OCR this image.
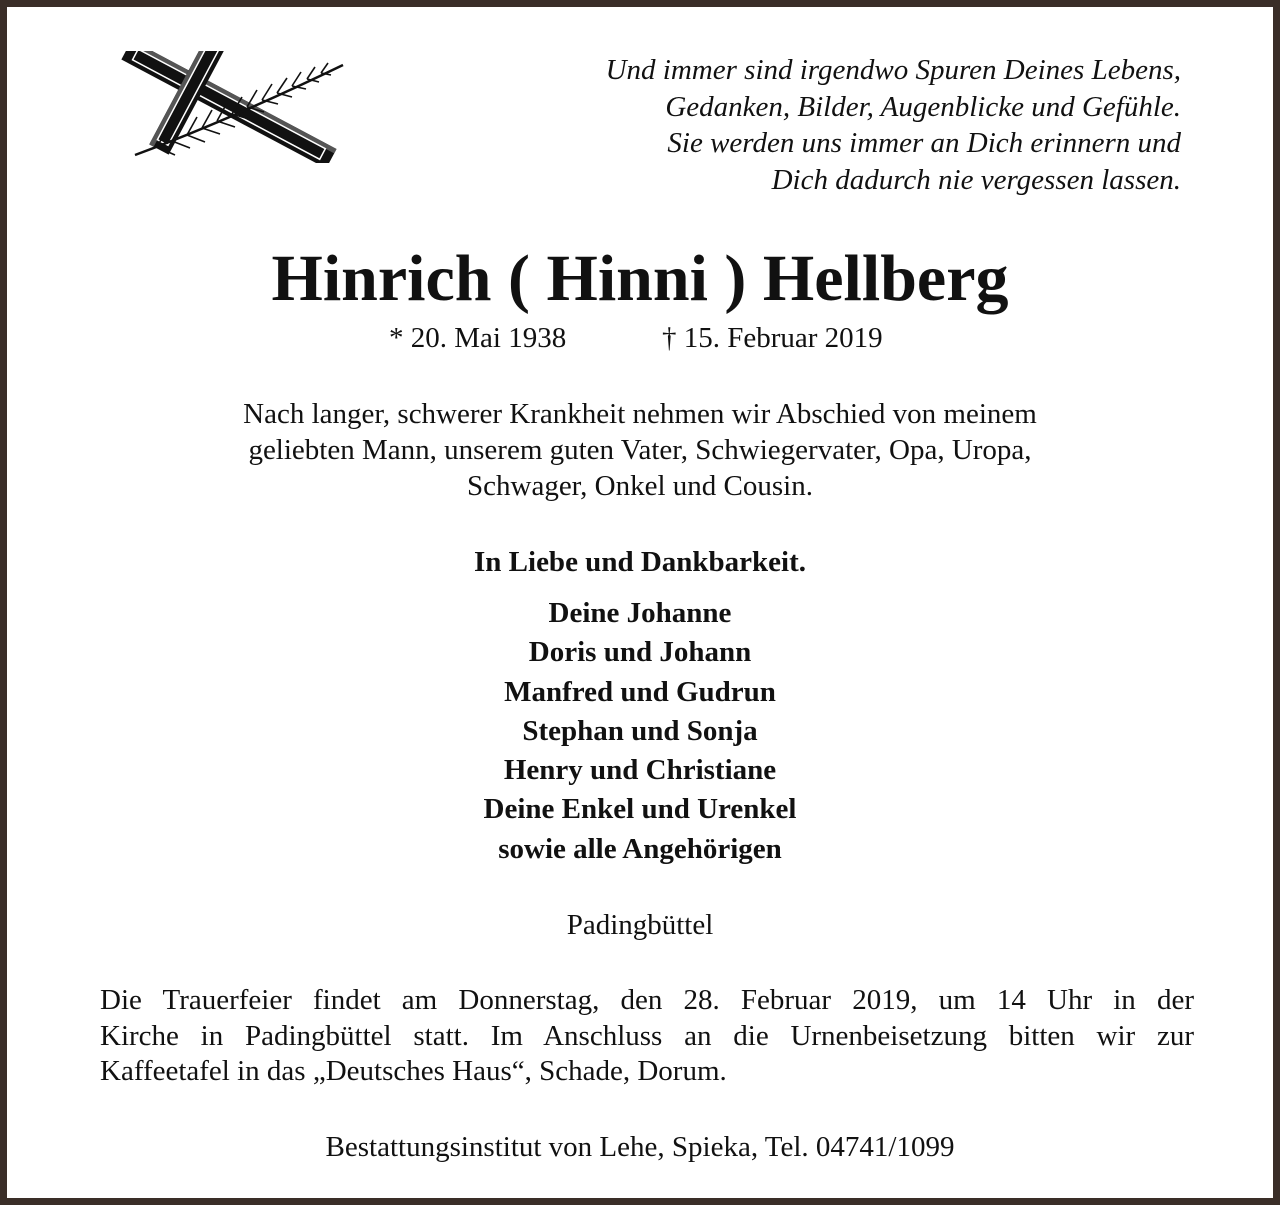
Und immer sind irgendwo Spuren Deines Lebens,
Gedanken, Bilder, Augenblicke und Gefühle.
Sie werden uns immer an Dich erinnern und
Dich dadurch nie vergessen lassen.
Hinrich ( Hinni ) Hellberg
* 20. Mai 1938	† 15. Februar 2019
Nach langer, schwerer Krankheit nehmen wir Abschied von meinem
geliebten Mann, unserem guten Vater, Schwiegervater, Opa, Uropa,
Schwager, Onkel und Cousin.
In Liebe und Dankbarkeit.
Deine Johanne
Doris und Johann
Manfred und Gudrun
Stephan und Sonja
Henry und Christiane
Deine Enkel und Urenkel
sowie alle Angehörigen
Padingbüttel
Die Trauerfeier findet am Donnerstag, den 28. Februar 2019, um 14 Uhr in der
Kirche in Padingbüttel statt. Im Anschluss an die Urnenbeisetzung bitten wir zur
Kaffeetafel in das „Deutsches Haus“, Schade, Dorum.
Bestattungsinstitut von Lehe, Spieka, Tel. 04741/1099
